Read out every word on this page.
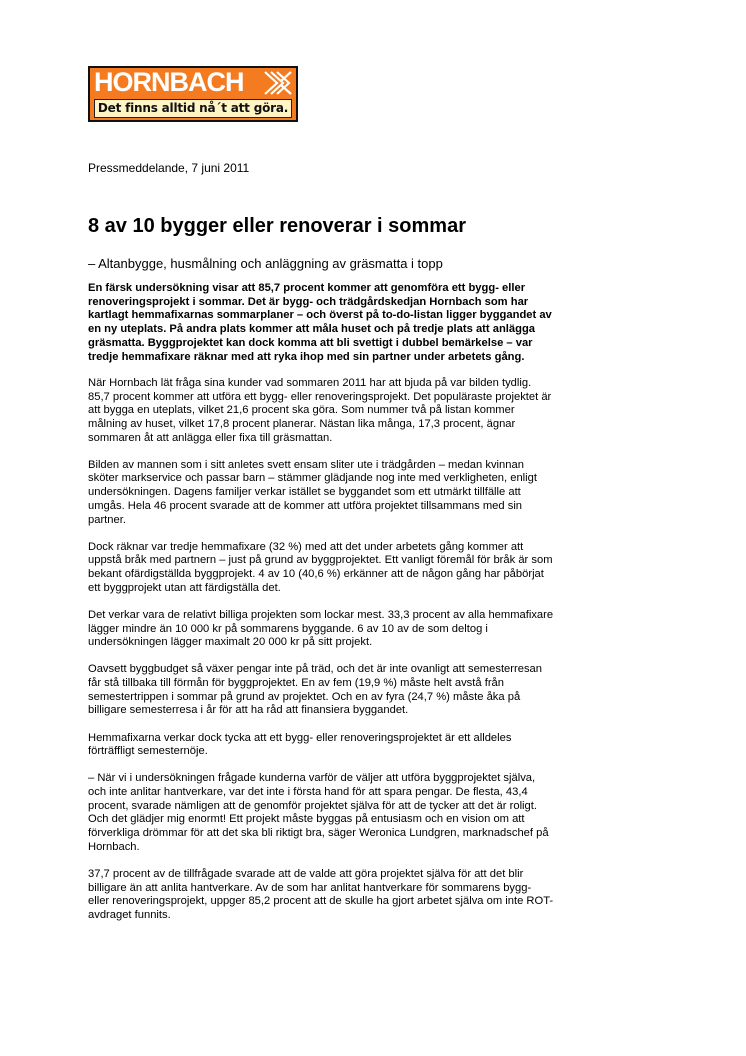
HORNBACH
Det finns alltid nå´t att göra.
Pressmeddelande, 7 juni 2011
8 av 10 bygger eller renoverar i sommar
– Altanbygge, husmålning och anläggning av gräsmatta i topp

En färsk undersökning visar att 85,7 procent kommer att genomföra ett bygg- eller
renoveringsprojekt i sommar. Det är bygg- och trädgårdskedjan Hornbach som har
kartlagt hemmafixarnas sommarplaner – och överst på to-do-listan ligger byggandet av
en ny uteplats. På andra plats kommer att måla huset och på tredje plats att anlägga
gräsmatta. Byggprojektet kan dock komma att bli svettigt i dubbel bemärkelse – var
tredje hemmafixare räknar med att ryka ihop med sin partner under arbetets gång.

När Hornbach lät fråga sina kunder vad sommaren 2011 har att bjuda på var bilden tydlig.
85,7 procent kommer att utföra ett bygg- eller renoveringsprojekt. Det populäraste projektet är
att bygga en uteplats, vilket 21,6 procent ska göra. Som nummer två på listan kommer
målning av huset, vilket 17,8 procent planerar. Nästan lika många, 17,3 procent, ägnar
sommaren åt att anlägga eller fixa till gräsmattan.

Bilden av mannen som i sitt anletes svett ensam sliter ute i trädgården – medan kvinnan
sköter markservice och passar barn – stämmer glädjande nog inte med verkligheten, enligt
undersökningen. Dagens familjer verkar istället se byggandet som ett utmärkt tillfälle att
umgås. Hela 46 procent svarade att de kommer att utföra projektet tillsammans med sin
partner.

Dock räknar var tredje hemmafixare (32 %) med att det under arbetets gång kommer att
uppstå bråk med partnern – just på grund av byggprojektet. Ett vanligt föremål för bråk är som
bekant ofärdigställda byggprojekt. 4 av 10 (40,6 %) erkänner att de någon gång har påbörjat
ett byggprojekt utan att färdigställa det.

Det verkar vara de relativt billiga projekten som lockar mest. 33,3 procent av alla hemmafixare
lägger mindre än 10 000 kr på sommarens byggande. 6 av 10 av de som deltog i
undersökningen lägger maximalt 20 000 kr på sitt projekt.

Oavsett byggbudget så växer pengar inte på träd, och det är inte ovanligt att semesterresan
får stå tillbaka till förmån för byggprojektet. En av fem (19,9 %) måste helt avstå från
semestertrippen i sommar på grund av projektet. Och en av fyra (24,7 %) måste åka på
billigare semesterresa i år för att ha råd att finansiera byggandet.

Hemmafixarna verkar dock tycka att ett bygg- eller renoveringsprojektet är ett alldeles
förträffligt semesternöje.

– När vi i undersökningen frågade kunderna varför de väljer att utföra byggprojektet själva,
och inte anlitar hantverkare, var det inte i första hand för att spara pengar. De flesta, 43,4
procent, svarade nämligen att de genomför projektet själva för att de tycker att det är roligt.
Och det glädjer mig enormt! Ett projekt måste byggas på entusiasm och en vision om att
förverkliga drömmar för att det ska bli riktigt bra, säger Weronica Lundgren, marknadschef på
Hornbach.

37,7 procent av de tillfrågade svarade att de valde att göra projektet själva för att det blir
billigare än att anlita hantverkare. Av de som har anlitat hantverkare för sommarens bygg-
eller renoveringsprojekt, uppger 85,2 procent att de skulle ha gjort arbetet själva om inte ROT-
avdraget funnits.
